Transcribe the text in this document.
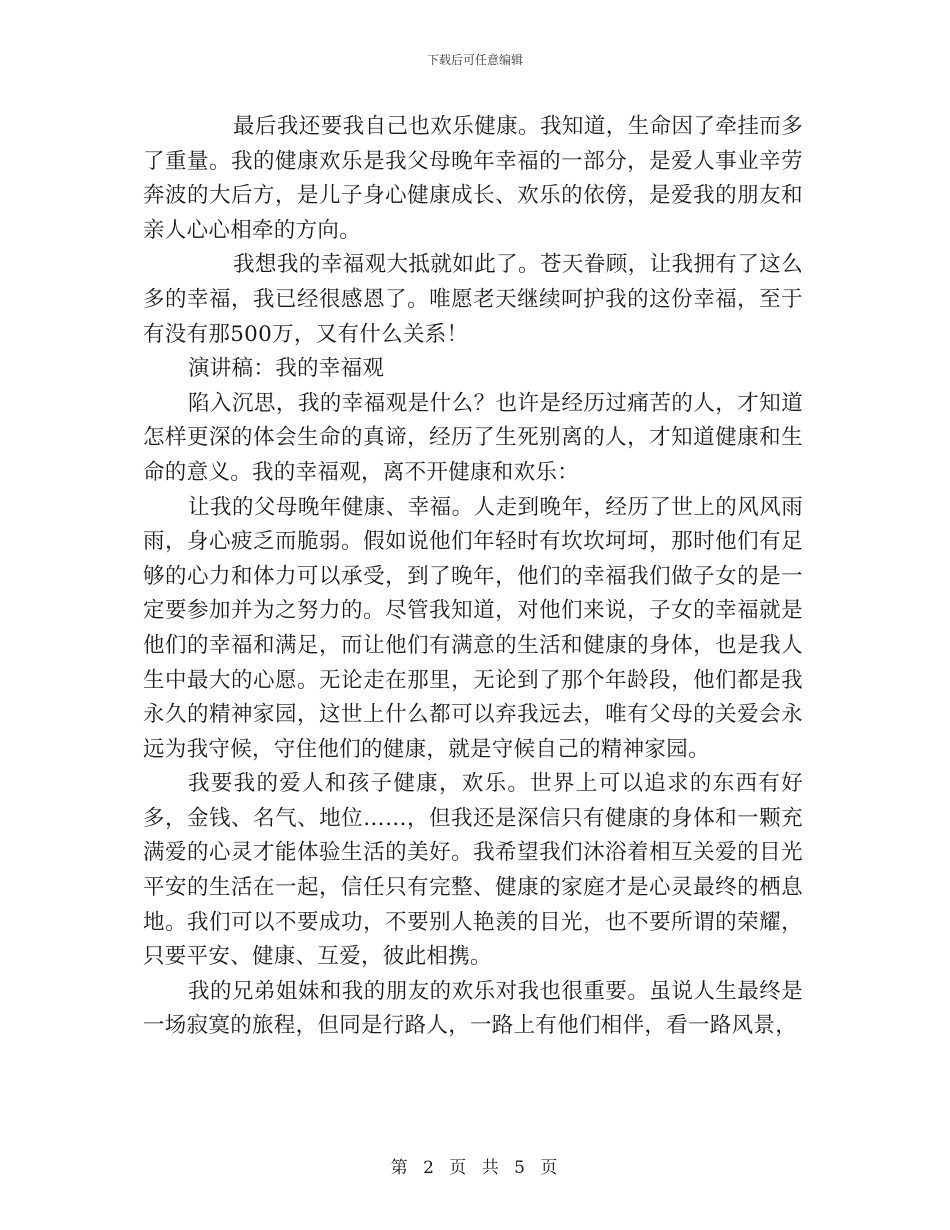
下载后可任意编辑

最后我还要我自己也欢乐健康。我知道，生命因了牵挂而多了重量。我的健康欢乐是我父母晚年幸福的一部分，是爱人事业辛劳奔波的大后方，是儿子身心健康成长、欢乐的依傍，是爱我的朋友和亲人心心相牵的方向。

我想我的幸福观大抵就如此了。苍天眷顾，让我拥有了这么多的幸福，我已经很感恩了。唯愿老天继续呵护我的这份幸福，至于有没有那500万，又有什么关系！

演讲稿：我的幸福观

陷入沉思，我的幸福观是什么？也许是经历过痛苦的人，才知道怎样更深的体会生命的真谛，经历了生死别离的人，才知道健康和生命的意义。我的幸福观，离不开健康和欢乐：

让我的父母晚年健康、幸福。人走到晚年，经历了世上的风风雨雨，身心疲乏而脆弱。假如说他们年轻时有坎坎坷坷，那时他们有足够的心力和体力可以承受，到了晚年，他们的幸福我们做子女的是一定要参加并为之努力的。尽管我知道，对他们来说，子女的幸福就是他们的幸福和满足，而让他们有满意的生活和健康的身体，也是我人生中最大的心愿。无论走在那里，无论到了那个年龄段，他们都是我永久的精神家园，这世上什么都可以弃我远去，唯有父母的关爱会永远为我守候，守住他们的健康，就是守候自己的精神家园。

我要我的爱人和孩子健康，欢乐。世界上可以追求的东西有好多，金钱、名气、地位……，但我还是深信只有健康的身体和一颗充满爱的心灵才能体验生活的美好。我希望我们沐浴着相互关爱的目光平安的生活在一起，信任只有完整、健康的家庭才是心灵最终的栖息地。我们可以不要成功，不要别人艳羡的目光，也不要所谓的荣耀，只要平安、健康、互爱，彼此相携。

我的兄弟姐妹和我的朋友的欢乐对我也很重要。虽说人生最终是一场寂寞的旅程，但同是行路人，一路上有他们相伴，看一路风景，

第 2 页 共 5 页
